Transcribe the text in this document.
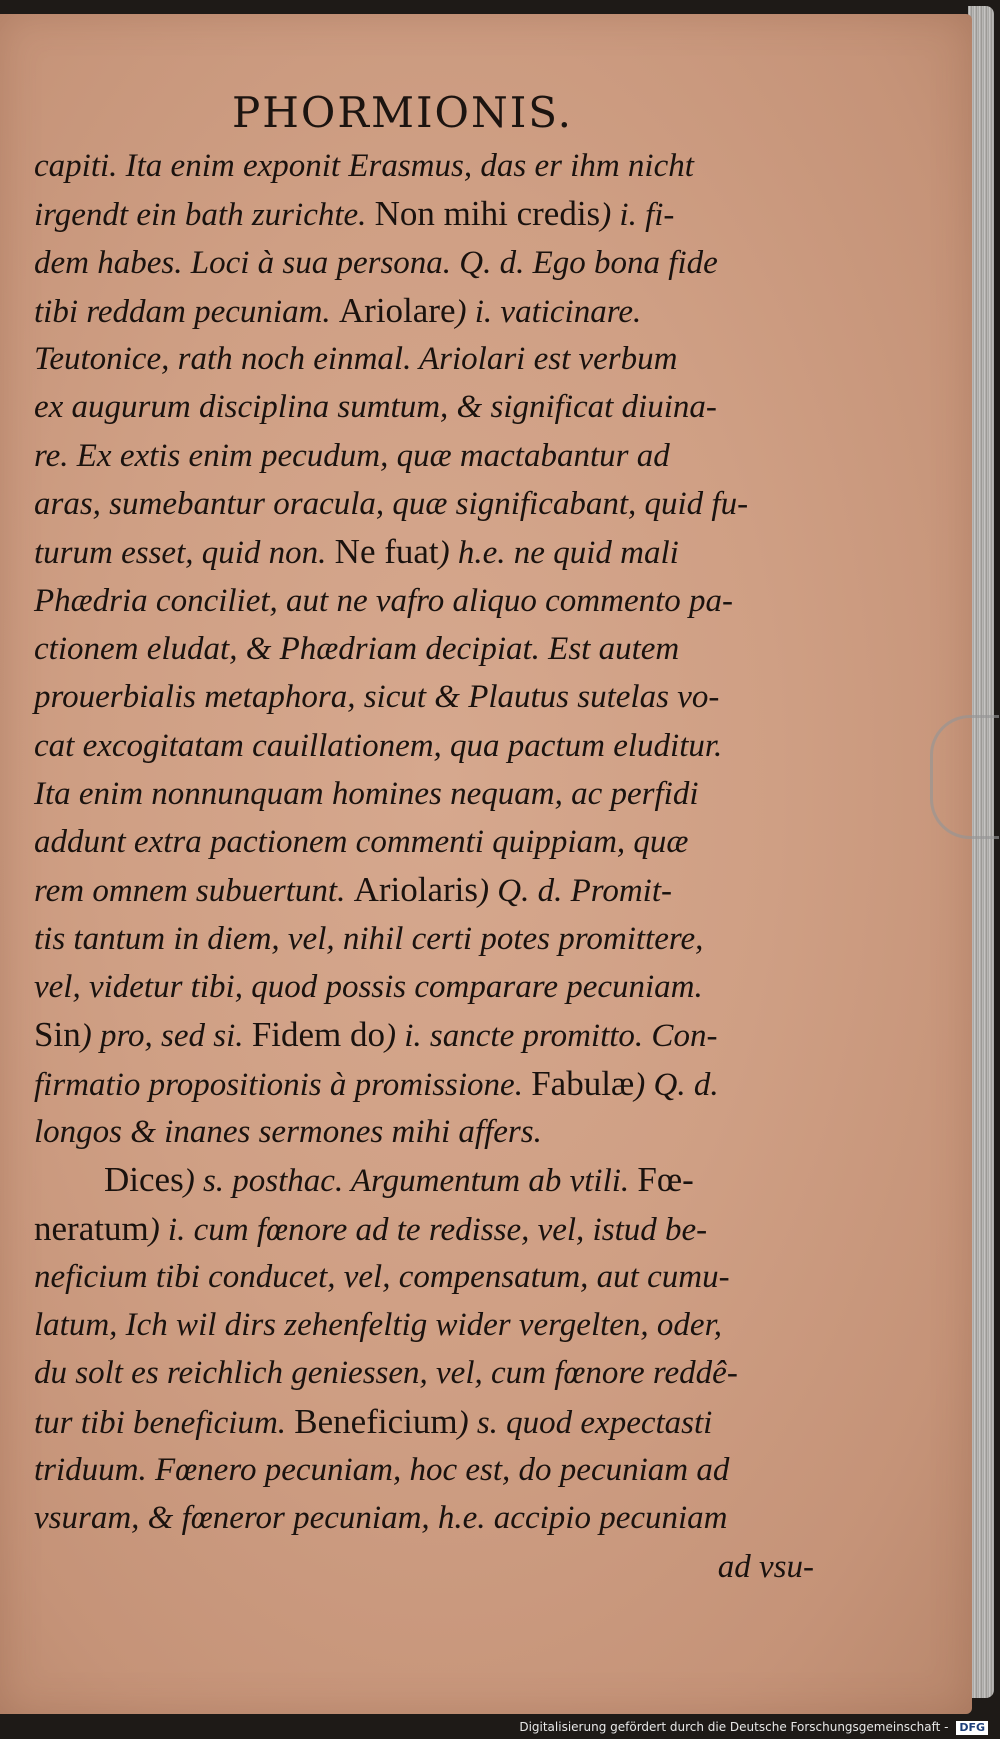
PHORMIONIS.
capiti. Ita enim exponit Erasmus, das er ihm nicht
irgendt ein bath zurichte. Non mihi credis) i. fi-
dem habes. Loci à sua persona. Q. d. Ego bona fide
tibi reddam pecuniam. Ariolare) i. vaticinare.
Teutonice, rath noch einmal. Ariolari est verbum
ex augurum disciplina sumtum, & significat diuina-
re. Ex extis enim pecudum, quæ mactabantur ad
aras, sumebantur oracula, quæ significabant, quid fu-
turum esset, quid non. Ne fuat) h.e. ne quid mali
Phædria conciliet, aut ne vafro aliquo commento pa-
ctionem eludat, & Phædriam decipiat. Est autem
prouerbialis metaphora, sicut & Plautus sutelas vo-
cat excogitatam cauillationem, qua pactum eluditur.
Ita enim nonnunquam homines nequam, ac perfidi
addunt extra pactionem commenti quippiam, quæ
rem omnem subuertunt. Ariolaris) Q. d. Promit-
tis tantum in diem, vel, nihil certi potes promittere,
vel, videtur tibi, quod possis comparare pecuniam.
Sin) pro, sed si. Fidem do) i. sancte promitto. Con-
firmatio propositionis à promissione. Fabulæ) Q. d.
longos & inanes sermones mihi affers.
Dices) s. posthac. Argumentum ab vtili. Fœ-
neratum) i. cum fœnore ad te redisse, vel, istud be-
neficium tibi conducet, vel, compensatum, aut cumu-
latum, Ich wil dirs zehenfeltig wider vergelten, oder,
du solt es reichlich geniessen, vel, cum fœnore reddê-
tur tibi beneficium. Beneficium) s. quod expectasti
triduum. Fœnero pecuniam, hoc est, do pecuniam ad
vsuram, & fœneror pecuniam, h.e. accipio pecuniam
ad vsu-
Digitalisierung gefördert durch die Deutsche Forschungsgemeinschaft - DFG
